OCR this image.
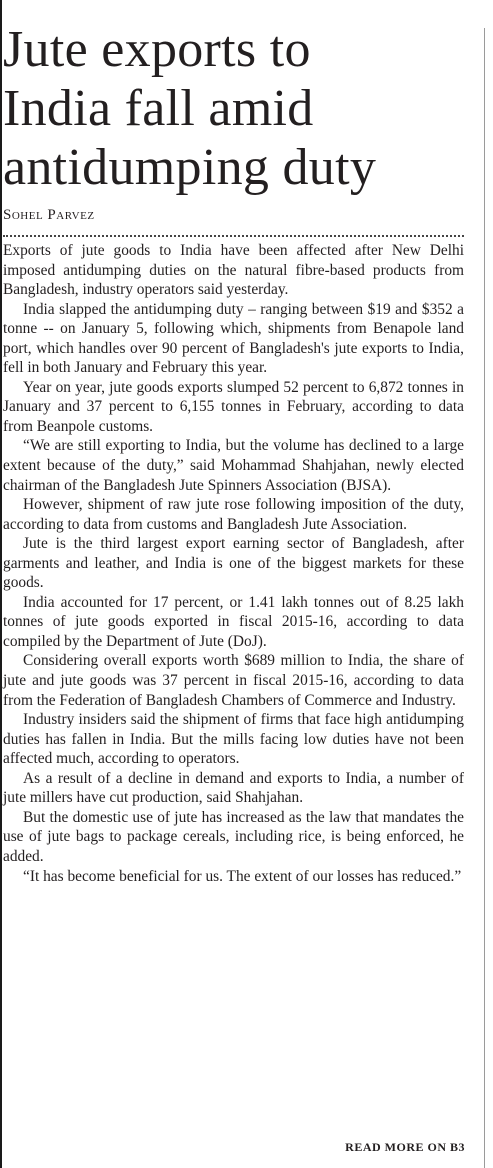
Jute exports to
India fall amid
antidumping duty
Sohel Parvez

Exports of jute goods to India have been affected after New Delhi imposed antidumping duties on the natural fibre-based products from Bangladesh, industry operators said yesterday.

India slapped the antidumping duty – ranging between $19 and $352 a tonne -- on January 5, following which, shipments from Benapole land port, which handles over 90 percent of Bangladesh's jute exports to India, fell in both January and February this year.

Year on year, jute goods exports slumped 52 percent to 6,872 tonnes in January and 37 percent to 6,155 tonnes in February, according to data from Beanpole customs.

“We are still exporting to India, but the volume has declined to a large extent because of the duty,” said Mohammad Shahjahan, newly elected chairman of the Bangladesh Jute Spinners Association (BJSA).

However, shipment of raw jute rose following imposition of the duty, according to data from customs and Bangladesh Jute Association.

Jute is the third largest export earning sector of Bangladesh, after garments and leather, and India is one of the biggest markets for these goods.

India accounted for 17 percent, or 1.41 lakh tonnes out of 8.25 lakh tonnes of jute goods exported in fiscal 2015-16, according to data compiled by the Department of Jute (DoJ).

Considering overall exports worth $689 million to India, the share of jute and jute goods was 37 percent in fiscal 2015-16, according to data from the Federation of Bangladesh Chambers of Commerce and Industry.

Industry insiders said the shipment of firms that face high antidumping duties has fallen in India. But the mills facing low duties have not been affected much, according to operators.

As a result of a decline in demand and exports to India, a number of jute millers have cut production, said Shahjahan.

But the domestic use of jute has increased as the law that mandates the use of jute bags to package cereals, including rice, is being enforced, he added.

“It has become beneficial for us. The extent of our losses has reduced.”

READ MORE ON B3
